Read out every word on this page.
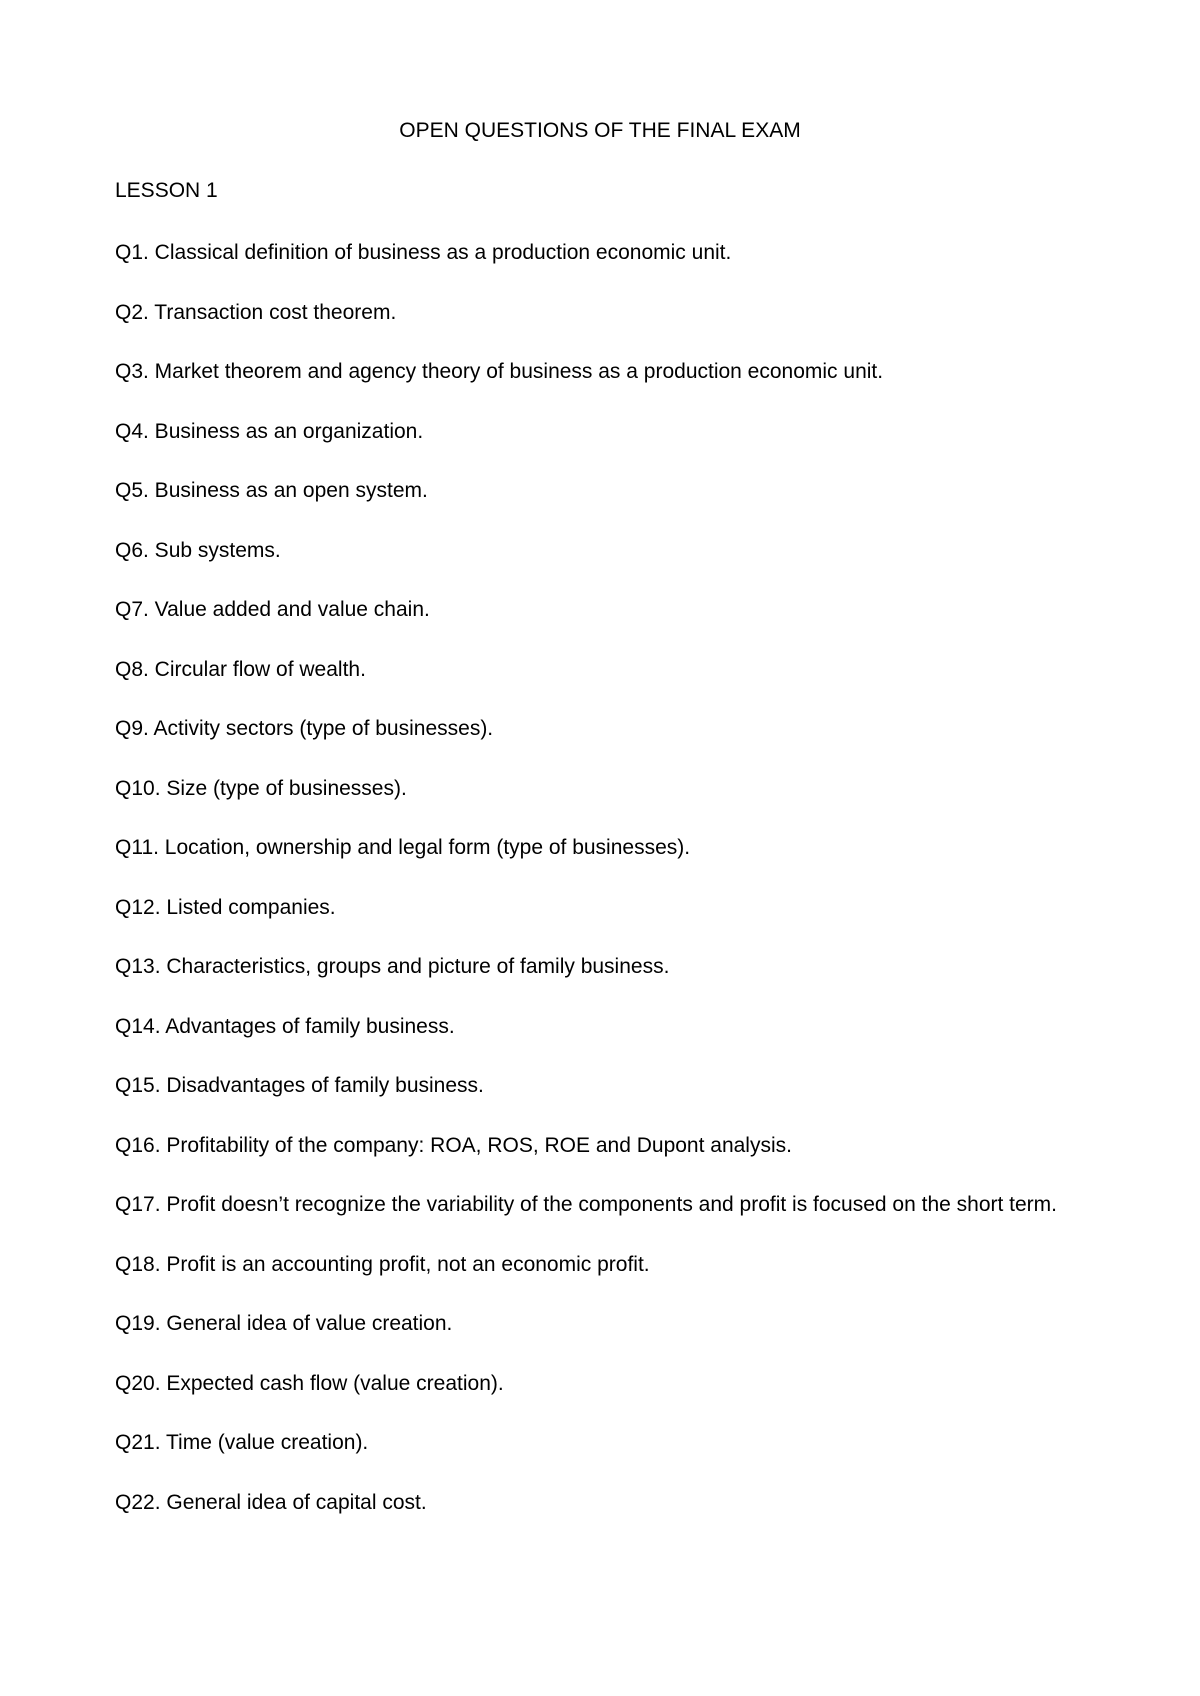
OPEN QUESTIONS OF THE FINAL EXAM
LESSON 1
Q1. Classical definition of business as a production economic unit.
Q2. Transaction cost theorem.
Q3. Market theorem and agency theory of business as a production economic unit.
Q4. Business as an organization.
Q5. Business as an open system.
Q6. Sub systems.
Q7. Value added and value chain.
Q8. Circular flow of wealth.
Q9. Activity sectors (type of businesses).
Q10. Size (type of businesses).
Q11. Location, ownership and legal form (type of businesses).
Q12. Listed companies.
Q13. Characteristics, groups and picture of family business.
Q14. Advantages of family business.
Q15. Disadvantages of family business.
Q16. Profitability of the company: ROA, ROS, ROE and Dupont analysis.
Q17. Profit doesn’t recognize the variability of the components and profit is focused on the short term.
Q18. Profit is an accounting profit, not an economic profit.
Q19. General idea of value creation.
Q20. Expected cash flow (value creation).
Q21. Time (value creation).
Q22. General idea of capital cost.
